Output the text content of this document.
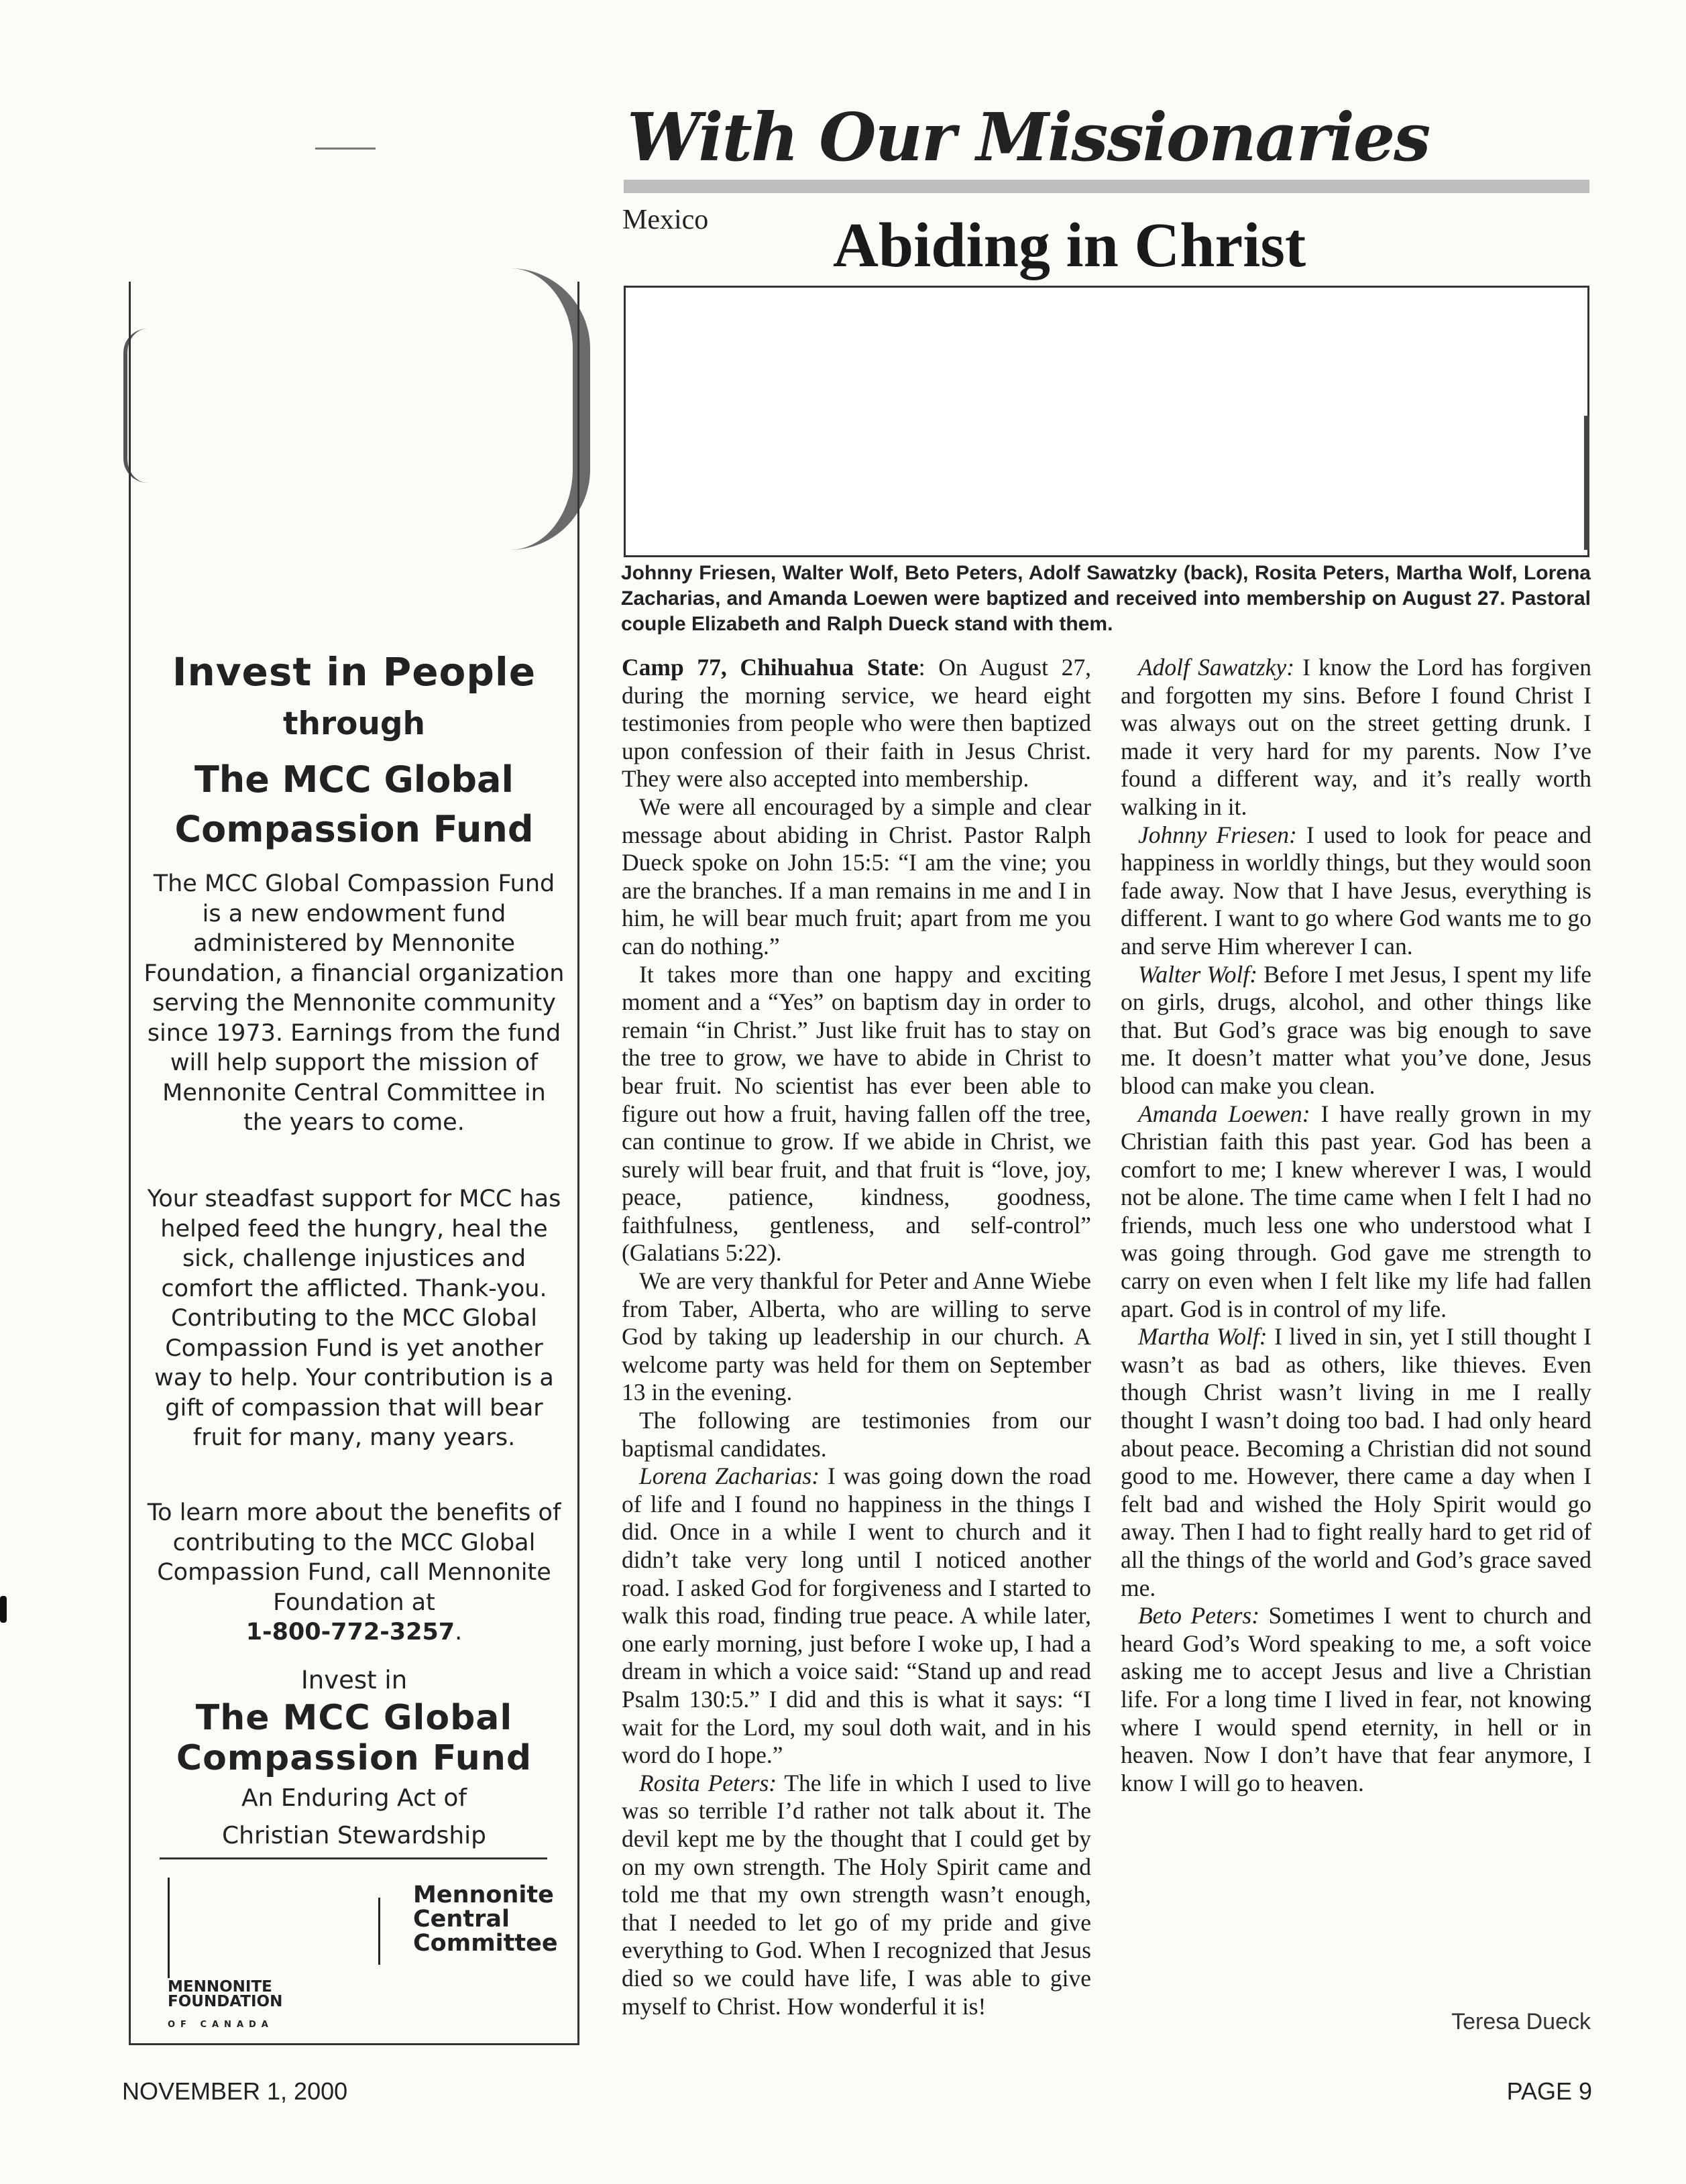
Invest in People
through
The MCC Global
Compassion Fund
The MCC Global Compassion Fund is a new endowment fund administered by Mennonite Foundation, a financial organization serving the Mennonite community since 1973. Earnings from the fund will help support the mission of Mennonite Central Committee in the years to come.
Your steadfast support for MCC has helped feed the hungry, heal the sick, challenge injustices and comfort the afflicted. Thank-you. Contributing to the MCC Global Compassion Fund is yet another way to help. Your contribution is a gift of compassion that will bear fruit for many, many years.
To learn more about the benefits of contributing to the MCC Global Compassion Fund, call Mennonite Foundation at
1-800-772-3257.
Invest in
The MCC Global
Compassion Fund
An Enduring Act of
Christian Stewardship
MENNONITE
FOUNDATION
OF CANADA
Mennonite
Central
Committee
With Our Missionaries
Mexico Abiding in Christ
Johnny Friesen, Walter Wolf, Beto Peters, Adolf Sawatzky (back), Rosita Peters, Martha Wolf, Lorena Zacharias, and Amanda Loewen were baptized and received into membership on August 27. Pastoral couple Elizabeth and Ralph Dueck stand with them.

Camp 77, Chihuahua State: On August 27, during the morning service, we heard eight testimonies from people who were then baptized upon confession of their faith in Jesus Christ. They were also accepted into membership.

We were all encouraged by a simple and clear message about abiding in Christ. Pastor Ralph Dueck spoke on John 15:5: “I am the vine; you are the branches. If a man remains in me and I in him, he will bear much fruit; apart from me you can do nothing.”

It takes more than one happy and exciting moment and a “Yes” on baptism day in order to remain “in Christ.” Just like fruit has to stay on the tree to grow, we have to abide in Christ to bear fruit. No scientist has ever been able to figure out how a fruit, having fallen off the tree, can continue to grow. If we abide in Christ, we surely will bear fruit, and that fruit is “love, joy, peace, patience, kindness, goodness, faithfulness, gentleness, and self-control” (Galatians 5:22).

We are very thankful for Peter and Anne Wiebe from Taber, Alberta, who are willing to serve God by taking up leadership in our church. A welcome party was held for them on September 13 in the evening.

The following are testimonies from our baptismal candidates.

Lorena Zacharias: I was going down the road of life and I found no happiness in the things I did. Once in a while I went to church and it didn’t take very long until I noticed another road. I asked God for forgiveness and I started to walk this road, finding true peace. A while later, one early morning, just before I woke up, I had a dream in which a voice said: “Stand up and read Psalm 130:5.” I did and this is what it says: “I wait for the Lord, my soul doth wait, and in his word do I hope.”

Rosita Peters: The life in which I used to live was so terrible I’d rather not talk about it. The devil kept me by the thought that I could get by on my own strength. The Holy Spirit came and told me that my own strength wasn’t enough, that I needed to let go of my pride and give everything to God. When I recognized that Jesus died so we could have life, I was able to give myself to Christ. How wonderful it is!

Adolf Sawatzky: I know the Lord has forgiven and forgotten my sins. Before I found Christ I was always out on the street getting drunk. I made it very hard for my parents. Now I’ve found a different way, and it’s really worth walking in it.

Johnny Friesen: I used to look for peace and happiness in worldly things, but they would soon fade away. Now that I have Jesus, everything is different. I want to go where God wants me to go and serve Him wherever I can.

Walter Wolf: Before I met Jesus, I spent my life on girls, drugs, alcohol, and other things like that. But God’s grace was big enough to save me. It doesn’t matter what you’ve done, Jesus blood can make you clean.

Amanda Loewen: I have really grown in my Christian faith this past year. God has been a comfort to me; I knew wherever I was, I would not be alone. The time came when I felt I had no friends, much less one who understood what I was going through. God gave me strength to carry on even when I felt like my life had fallen apart. God is in control of my life.

Martha Wolf: I lived in sin, yet I still thought I wasn’t as bad as others, like thieves. Even though Christ wasn’t living in me I really thought I wasn’t doing too bad. I had only heard about peace. Becoming a Christian did not sound good to me. However, there came a day when I felt bad and wished the Holy Spirit would go away. Then I had to fight really hard to get rid of all the things of the world and God’s grace saved me.

Beto Peters: Sometimes I went to church and heard God’s Word speaking to me, a soft voice asking me to accept Jesus and live a Christian life. For a long time I lived in fear, not knowing where I would spend eternity, in hell or in heaven. Now I don’t have that fear anymore, I know I will go to heaven.

Teresa Dueck
NOVEMBER 1, 2000	PAGE 9
